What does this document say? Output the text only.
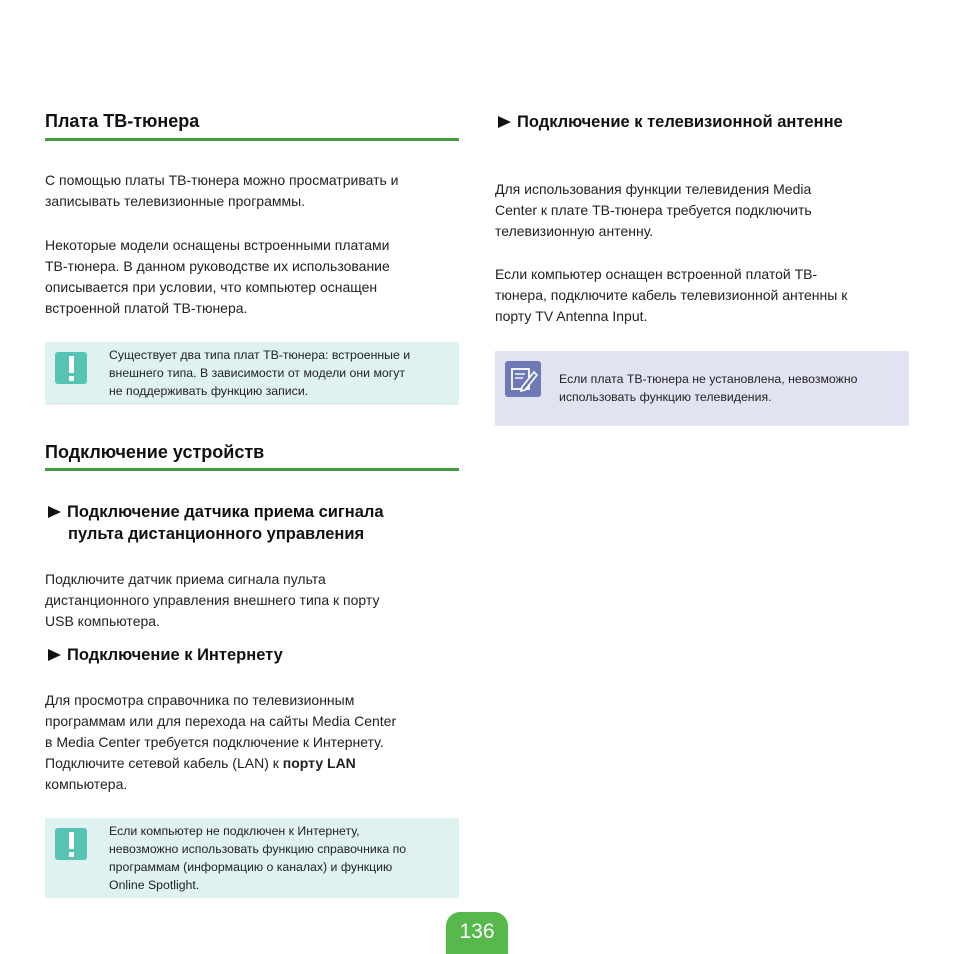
Плата ТВ-тюнера
С помощью платы ТВ-тюнера можно просматривать и
записывать телевизионные программы.
Некоторые модели оснащены встроенными платами
ТВ-тюнера. В данном руководстве их использование
описывается при условии, что компьютер оснащен
встроенной платой ТВ-тюнера.
Существует два типа плат ТВ-тюнера: встроенные и
внешнего типа. В зависимости от модели они могут
не поддерживать функцию записи.
Подключение устройств
Подключение датчика приема сигнала
пульта дистанционного управления
Подключите датчик приема сигнала пульта
дистанционного управления внешнего типа к порту
USB компьютера.
Подключение к Интернету
Для просмотра справочника по телевизионным
программам или для перехода на сайты Media Center
в Media Center требуется подключение к Интернету.
Подключите сетевой кабель (LAN) к порту LAN
компьютера.
Если компьютер не подключен к Интернету,
невозможно использовать функцию справочника по
программам (информацию о каналах) и функцию
Online Spotlight.
Подключение к телевизионной антенне
Для использования функции телевидения Media
Center к плате ТВ-тюнера требуется подключить
телевизионную антенну.
Если компьютер оснащен встроенной платой ТВ-
тюнера, подключите кабель телевизионной антенны к
порту TV Antenna Input.
Если плата ТВ-тюнера не установлена, невозможно
использовать функцию телевидения.
136
